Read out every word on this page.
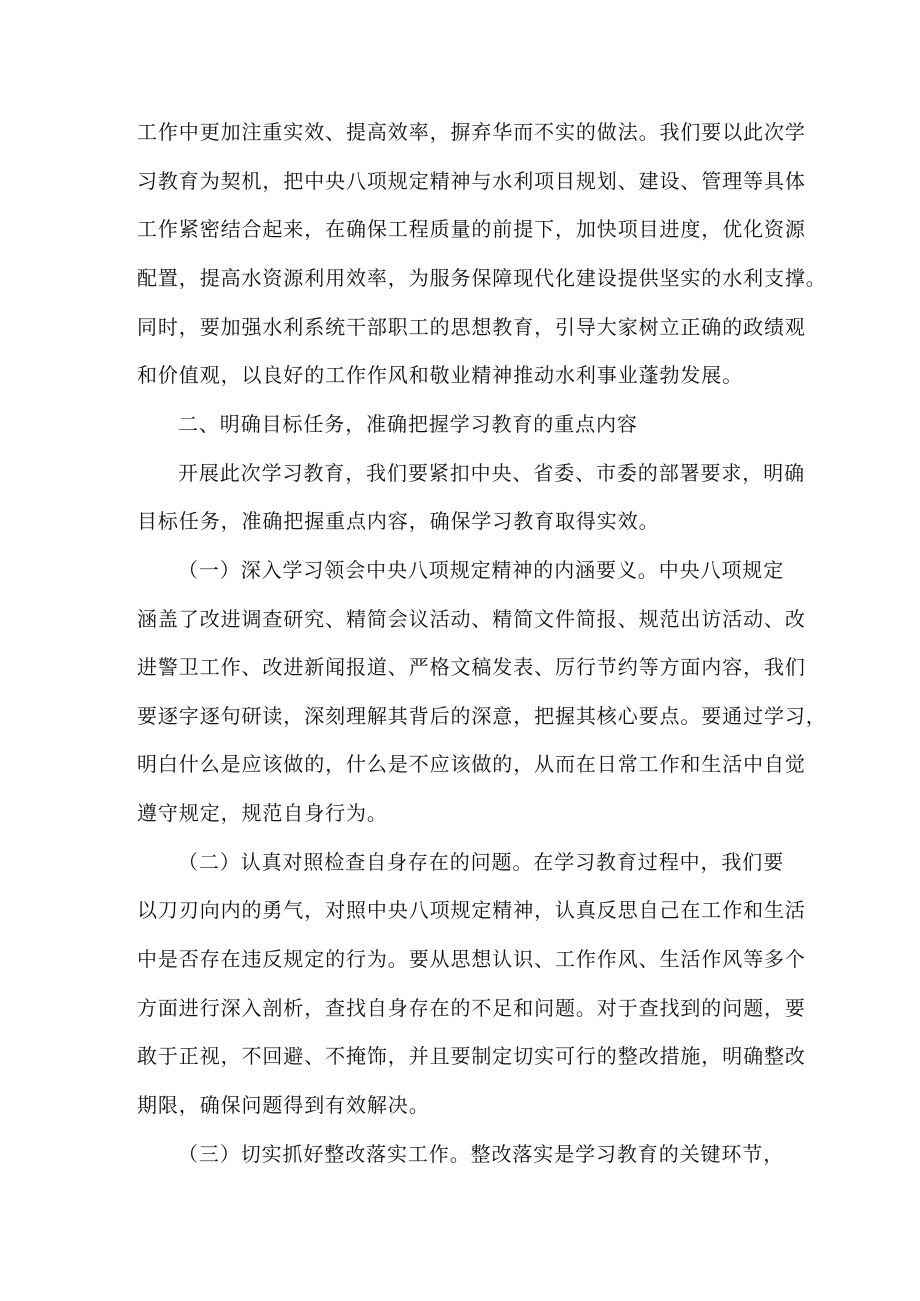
工作中更加注重实效、提高效率，摒弃华而不实的做法。我们要以此次学
习教育为契机，把中央八项规定精神与水利项目规划、建设、管理等具体
工作紧密结合起来，在确保工程质量的前提下，加快项目进度，优化资源
配置，提高水资源利用效率，为服务保障现代化建设提供坚实的水利支撑。
同时，要加强水利系统干部职工的思想教育，引导大家树立正确的政绩观
和价值观，以良好的工作作风和敬业精神推动水利事业蓬勃发展。
二、明确目标任务，准确把握学习教育的重点内容
开展此次学习教育，我们要紧扣中央、省委、市委的部署要求，明确
目标任务，准确把握重点内容，确保学习教育取得实效。
（一）深入学习领会中央八项规定精神的内涵要义。中央八项规定
涵盖了改进调查研究、精简会议活动、精简文件简报、规范出访活动、改
进警卫工作、改进新闻报道、严格文稿发表、厉行节约等方面内容，我们
要逐字逐句研读，深刻理解其背后的深意，把握其核心要点。要通过学习，
明白什么是应该做的，什么是不应该做的，从而在日常工作和生活中自觉
遵守规定，规范自身行为。
（二）认真对照检查自身存在的问题。在学习教育过程中，我们要
以刀刃向内的勇气，对照中央八项规定精神，认真反思自己在工作和生活
中是否存在违反规定的行为。要从思想认识、工作作风、生活作风等多个
方面进行深入剖析，查找自身存在的不足和问题。对于查找到的问题，要
敢于正视，不回避、不掩饰，并且要制定切实可行的整改措施，明确整改
期限，确保问题得到有效解决。
（三）切实抓好整改落实工作。整改落实是学习教育的关键环节，
